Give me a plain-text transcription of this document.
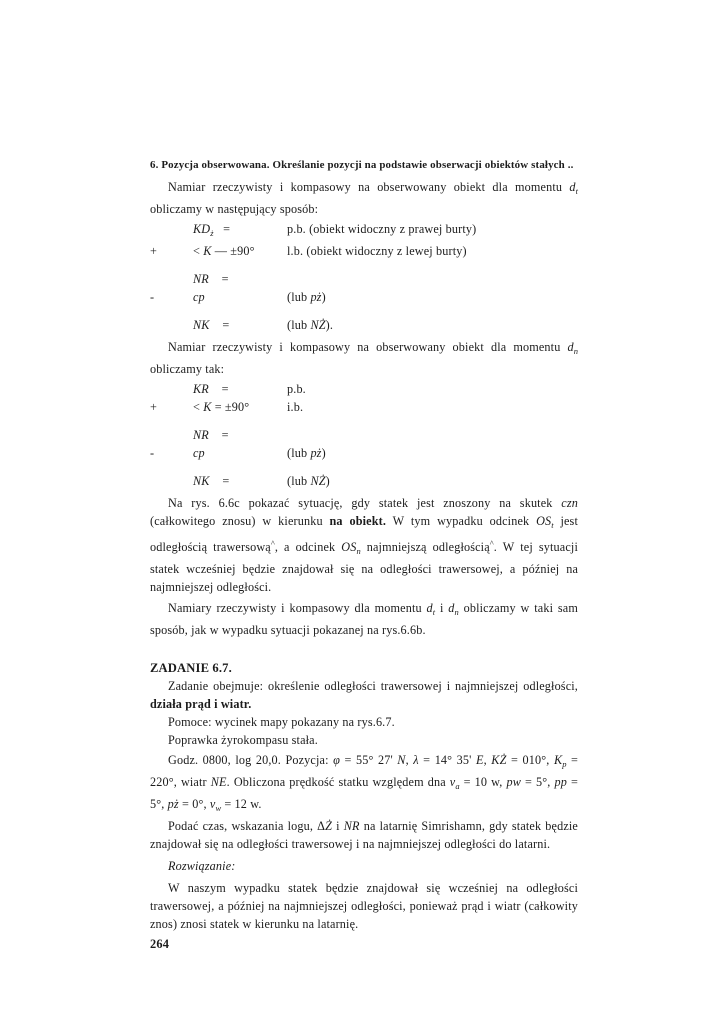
6. Pozycja obserwowana. Określanie pozycji na podstawie obserwacji obiektów stałych ..

Namiar rzeczywisty i kompasowy na obserwowany obiekt dla momentu $d_t$ obliczamy w następujący sposób:

$KD_ż$   =	p.b. (obiekt widoczny z prawej burty)
+	< K — ±90°	l.b. (obiekt widoczny z lewej burty)
NR    =
-	cp	(lub pż)
NK    =	(lub NŻ).

Namiar rzeczywisty i kompasowy na obserwowany obiekt dla momentu $d_n$ obliczamy tak:

KR    =	p.b.
+	< K = ±90°	i.b.
NR    =
-	cp	(lub pż)
NK    =	(lub NŻ)

Na rys. 6.6c pokazać sytuację, gdy statek jest znoszony na skutek czn (całkowitego znosu) w kierunku na obiekt. W tym wypadku odcinek $OS_t$ jest odległością trawersową^, a odcinek $OS_n$ najmniejszą odległością^. W tej sytuacji statek wcześniej będzie znajdował się na odległości trawersowej, a później na najmniejszej odległości.

Namiary rzeczywisty i kompasowy dla momentu $d_t$ i $d_n$ obliczamy w taki sam sposób, jak w wypadku sytuacji pokazanej na rys.6.6b.

ZADANIE 6.7.

Zadanie obejmuje: określenie odległości trawersowej i najmniejszej odległości, działa prąd i wiatr.

Pomoce: wycinek mapy pokazany na rys.6.7.

Poprawka żyrokompasu stała.

Godz. 0800, log 20,0. Pozycja: φ = 55° 27' N, λ = 14° 35' E, KŻ = 010°, $K_p = 220^\circ$, wiatr NE. Obliczona prędkość statku względem dna $v_a = 10$ w, pw = 5°, pp = 5°, pż = 0°, $v_w = 12$ w.

Podać czas, wskazania logu, ΔŻ i NR na latarnię Simrishamn, gdy statek będzie znajdował się na odległości trawersowej i na najmniejszej odległości do latarni.

Rozwiązanie:

W naszym wypadku statek będzie znajdował się wcześniej na odległości trawersowej, a później na najmniejszej odległości, ponieważ prąd i wiatr (całkowity znos) znosi statek w kierunku na latarnię.

264
